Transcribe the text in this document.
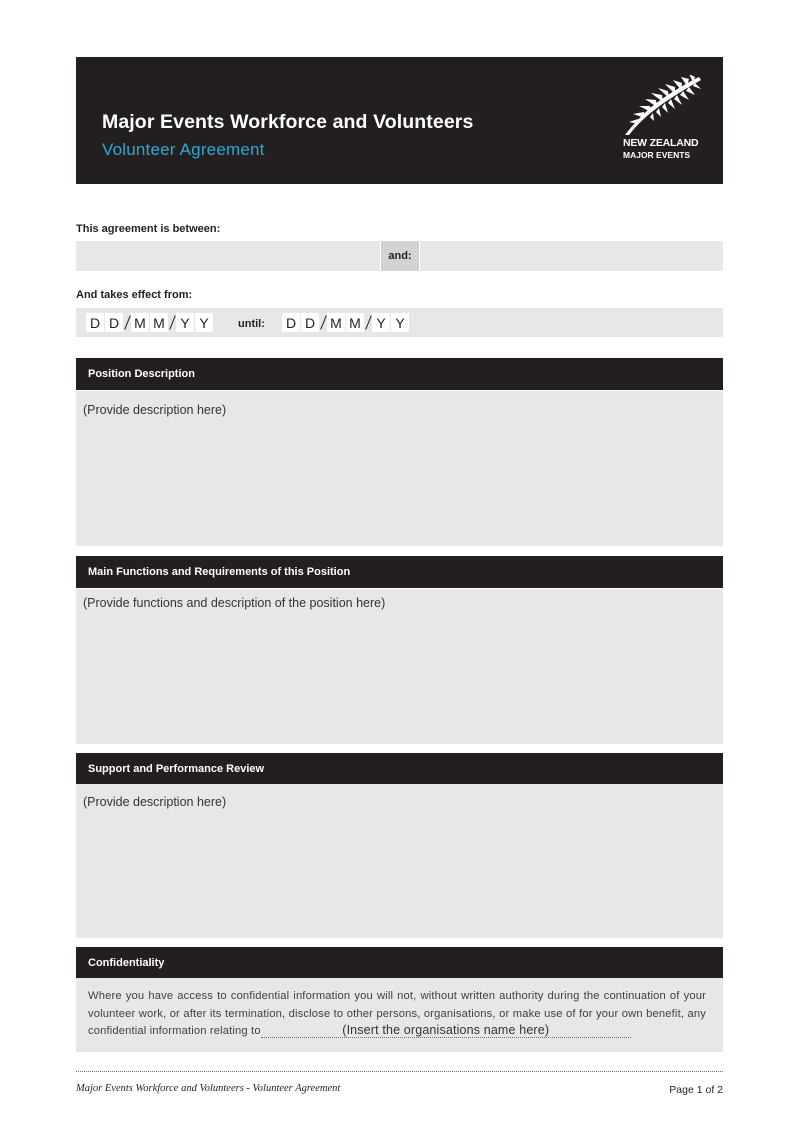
Major Events Workforce and Volunteers
Volunteer Agreement	NEW ZEALAND
MAJOR EVENTS
This agreement is between:
and:
And takes effect from:
D D M M	Y Y	until: D D M M	Y Y
Position Description
(Provide description here)
Main Functions and Requirements of this Position
(Provide functions and description of the position here)
Support and Performance Review
(Provide description here)
Confidentiality
Where you have access to confidential information you will not, without written authority during the continuation of your volunteer work, or after its termination, disclose to other persons, organisations, or make use of for your own benefit, any confidential information relating to	(Insert the organisations name here)
Major Events Workforce and Volunteers - Volunteer Agreement	Page 1 of 2
